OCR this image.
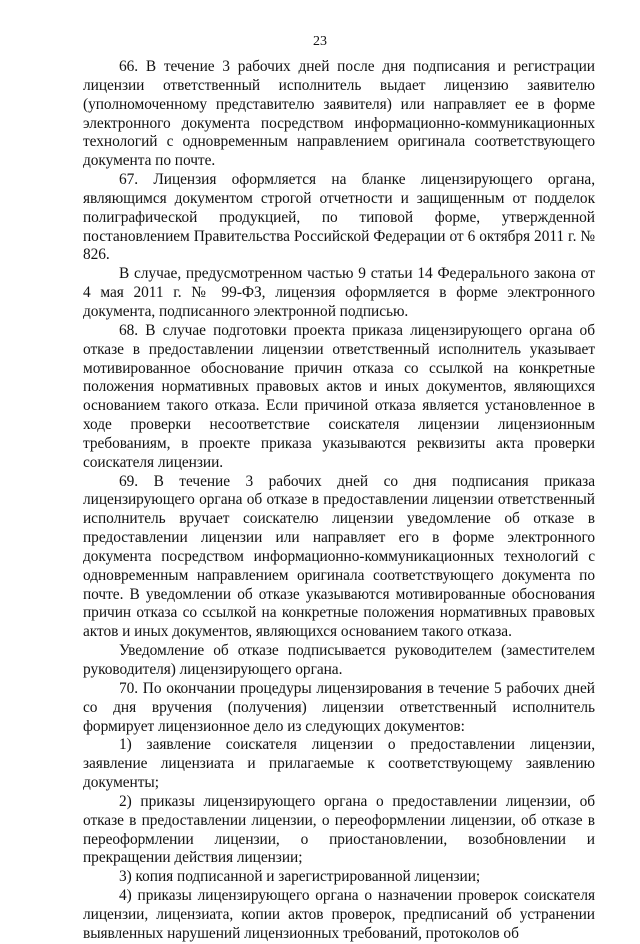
23

66. В течение 3 рабочих дней после дня подписания и регистрации лицензии ответственный исполнитель выдает лицензию заявителю (уполномоченному представителю заявителя) или направляет ее в форме электронного документа посредством информационно-коммуникационных технологий с одновременным направлением оригинала соответствующего документа по почте.

67. Лицензия оформляется на бланке лицензирующего органа, являющимся документом строгой отчетности и защищенным от подделок полиграфической продукцией, по типовой форме, утвержденной постановлением Правительства Российской Федерации от 6 октября 2011 г. № 826.

В случае, предусмотренном частью 9 статьи 14 Федерального закона от 4 мая 2011 г. № 99-ФЗ, лицензия оформляется в форме электронного документа, подписанного электронной подписью.

68. В случае подготовки проекта приказа лицензирующего органа об отказе в предоставлении лицензии ответственный исполнитель указывает мотивированное обоснование причин отказа со ссылкой на конкретные положения нормативных правовых актов и иных документов, являющихся основанием такого отказа. Если причиной отказа является установленное в ходе проверки несоответствие соискателя лицензии лицензионным требованиям, в проекте приказа указываются реквизиты акта проверки соискателя лицензии.

69. В течение 3 рабочих дней со дня подписания приказа лицензирующего органа об отказе в предоставлении лицензии ответственный исполнитель вручает соискателю лицензии уведомление об отказе в предоставлении лицензии или направляет его в форме электронного документа посредством информационно-коммуникационных технологий с одновременным направлением оригинала соответствующего документа по почте. В уведомлении об отказе указываются мотивированные обоснования причин отказа со ссылкой на конкретные положения нормативных правовых актов и иных документов, являющихся основанием такого отказа.

Уведомление об отказе подписывается руководителем (заместителем руководителя) лицензирующего органа.

70. По окончании процедуры лицензирования в течение 5 рабочих дней со дня вручения (получения) лицензии ответственный исполнитель формирует лицензионное дело из следующих документов:

1) заявление соискателя лицензии о предоставлении лицензии, заявление лицензиата и прилагаемые к соответствующему заявлению документы;

2) приказы лицензирующего органа о предоставлении лицензии, об отказе в предоставлении лицензии, о переоформлении лицензии, об отказе в переоформлении лицензии, о приостановлении, возобновлении и прекращении действия лицензии;

3) копия подписанной и зарегистрированной лицензии;

4) приказы лицензирующего органа о назначении проверок соискателя лицензии, лицензиата, копии актов проверок, предписаний об устранении выявленных нарушений лицензионных требований, протоколов об
